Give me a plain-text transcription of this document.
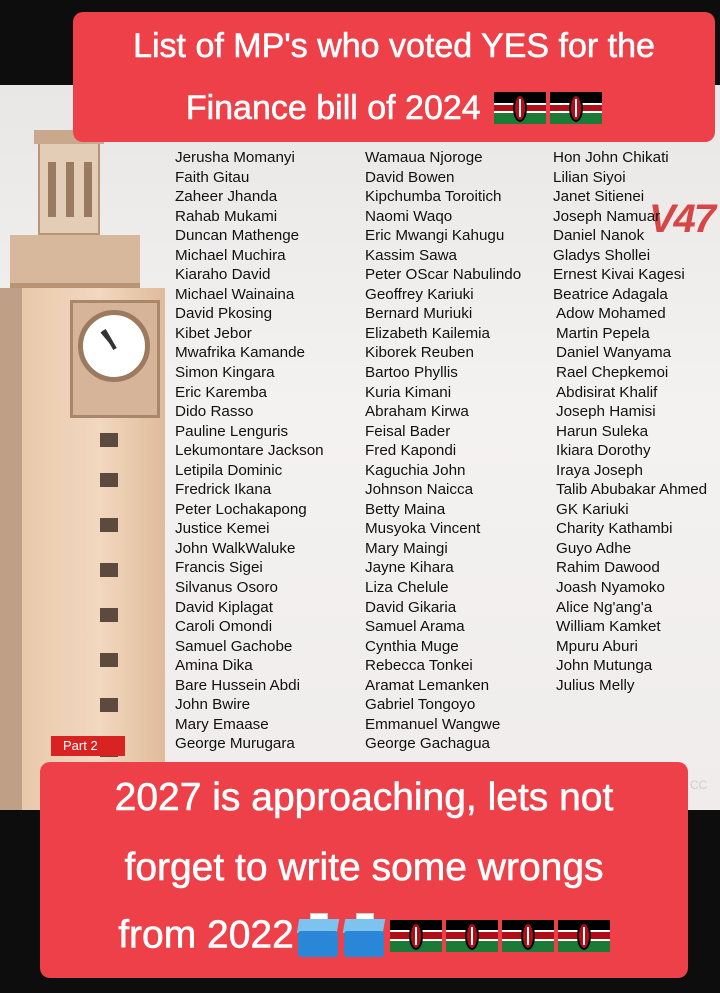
V47
Jerusha Momanyi
Faith Gitau
Zaheer Jhanda
Rahab Mukami
Duncan Mathenge
Michael Muchira
Kiaraho David
Michael Wainaina
David Pkosing
Kibet Jebor
Mwafrika Kamande
Simon Kingara
Eric Karemba
Dido Rasso
Pauline Lenguris
Lekumontare Jackson
Letipila Dominic
Fredrick Ikana
Peter Lochakapong
Justice Kemei
John WalkWaluke
Francis Sigei
Silvanus Osoro
David Kiplagat
Caroli Omondi
Samuel Gachobe
Amina Dika
Bare Hussein Abdi
John Bwire
Mary Emaase
George Murugara
Wamaua Njoroge
David Bowen
Kipchumba Toroitich
Naomi Waqo
Eric Mwangi Kahugu
Kassim Sawa
Peter OScar Nabulindo
Geoffrey Kariuki
Bernard Muriuki
Elizabeth Kailemia
Kiborek Reuben
Bartoo Phyllis
Kuria Kimani
Abraham Kirwa
Feisal Bader
Fred Kapondi
Kaguchia John
Johnson Naicca
Betty Maina
Musyoka Vincent
Mary Maingi
Jayne Kihara
Liza Chelule
David Gikaria
Samuel Arama
Cynthia Muge
Rebecca Tonkei
Aramat Lemanken
Gabriel Tongoyo
Emmanuel Wangwe
George Gachagua
Hon John Chikati
Lilian Siyoi
Janet Sitienei
Joseph Namuar
Daniel Nanok
Gladys Shollei
Ernest Kivai Kagesi
Beatrice Adagala
Adow Mohamed
Martin Pepela
Daniel Wanyama
Rael Chepkemoi
Abdisirat Khalif
Joseph Hamisi
Harun Suleka
Ikiara Dorothy
Iraya Joseph
Talib Abubakar Ahmed
GK Kariuki
Charity Kathambi
Guyo Adhe
Rahim Dawood
Joash Nyamoko
Alice Ng'ang'a
William Kamket
Mpuru Aburi
John Mutunga
Julius Melly
Part 2
CC
List of MP's who voted YES for the
Finance bill of 2024
2027 is approaching, lets not
forget to write some wrongs
from 2022
